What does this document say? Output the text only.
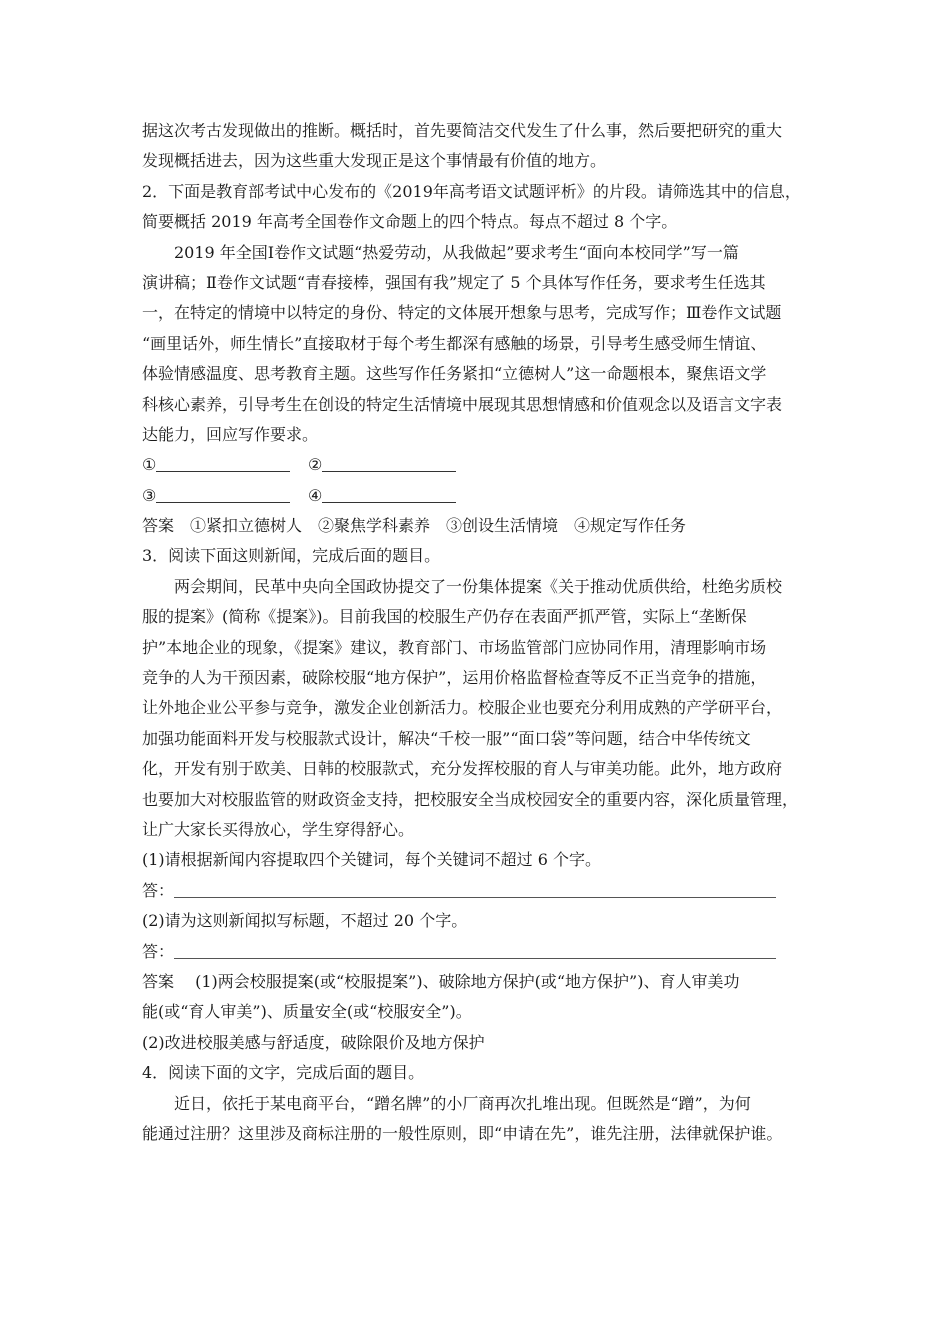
据这次考古发现做出的推断。概括时，首先要简洁交代发生了什么事，然后要把研究的重大
发现概括进去，因为这些重大发现正是这个事情最有价值的地方。
2．下面是教育部考试中心发布的《2019年高考语文试题评析》的片段。请筛选其中的信息，
简要概括 2019 年高考全国卷作文命题上的四个特点。每点不超过 8 个字。
2019 年全国Ⅰ卷作文试题“热爱劳动，从我做起”要求考生“面向本校同学”写一篇
演讲稿；Ⅱ卷作文试题“青春接棒，强国有我”规定了 5 个具体写作任务，要求考生任选其
一，在特定的情境中以特定的身份、特定的文体展开想象与思考，完成写作；Ⅲ卷作文试题
“画里话外，师生情长”直接取材于每个考生都深有感触的场景，引导考生感受师生情谊、
体验情感温度、思考教育主题。这些写作任务紧扣“立德树人”这一命题根本，聚焦语文学
科核心素养，引导考生在创设的特定生活情境中展现其思想情感和价值观念以及语言文字表
达能力，回应写作要求。
①	②
③	④
答案　①紧扣立德树人　②聚焦学科素养　③创设生活情境　④规定写作任务
3．阅读下面这则新闻，完成后面的题目。
两会期间，民革中央向全国政协提交了一份集体提案《关于推动优质供给，杜绝劣质校
服的提案》(简称《提案》)。目前我国的校服生产仍存在表面严抓严管，实际上“垄断保
护”本地企业的现象，《提案》建议，教育部门、市场监管部门应协同作用，清理影响市场
竞争的人为干预因素，破除校服“地方保护”，运用价格监督检查等反不正当竞争的措施，
让外地企业公平参与竞争，激发企业创新活力。校服企业也要充分利用成熟的产学研平台，
加强功能面料开发与校服款式设计，解决“千校一服”“面口袋”等问题，结合中华传统文
化，开发有别于欧美、日韩的校服款式，充分发挥校服的育人与审美功能。此外，地方政府
也要加大对校服监管的财政资金支持，把校服安全当成校园安全的重要内容，深化质量管理，
让广大家长买得放心，学生穿得舒心。
(1)请根据新闻内容提取四个关键词，每个关键词不超过 6 个字。
答：
(2)请为这则新闻拟写标题，不超过 20 个字。
答：
答案　 (1)两会校服提案(或“校服提案”)、破除地方保护(或“地方保护”)、育人审美功
能(或“育人审美”)、质量安全(或“校服安全”)。
(2)改进校服美感与舒适度，破除限价及地方保护
4．阅读下面的文字，完成后面的题目。
近日，依托于某电商平台，“蹭名牌”的小厂商再次扎堆出现。但既然是“蹭”，为何
能通过注册？这里涉及商标注册的一般性原则，即“申请在先”，谁先注册，法律就保护谁。
